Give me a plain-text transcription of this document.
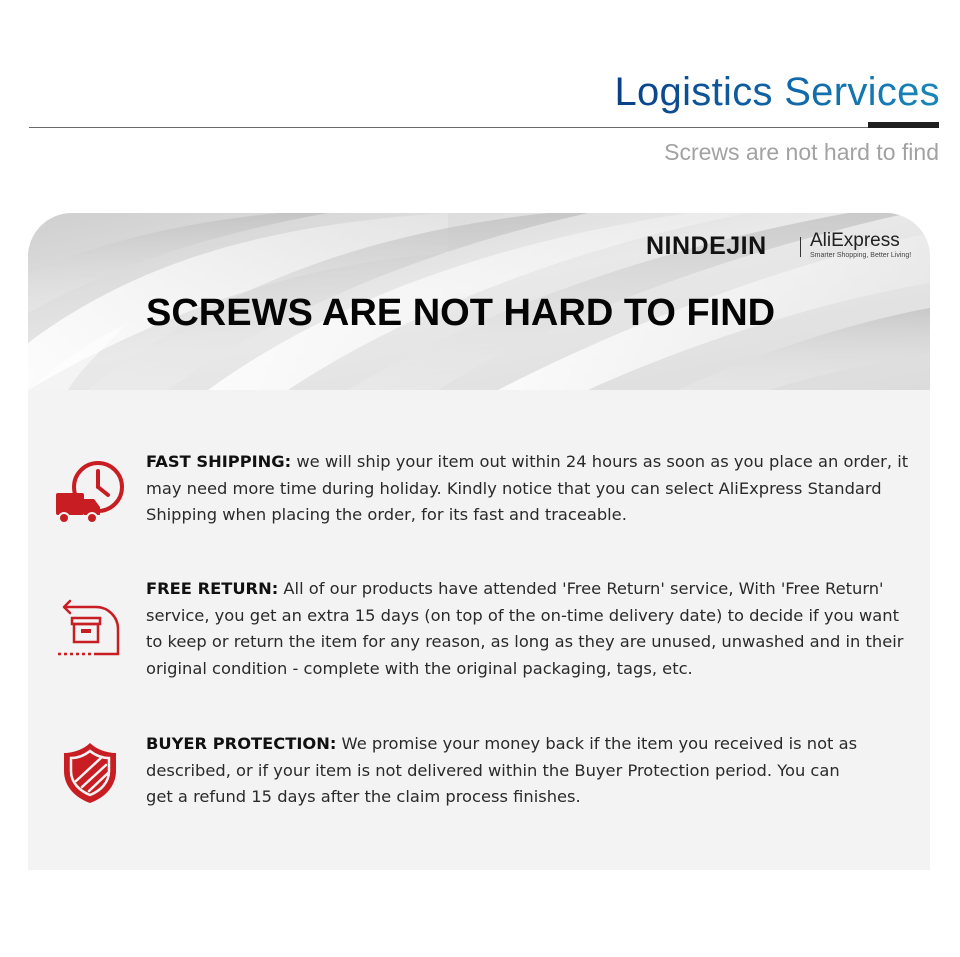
Logistics Services
Screws are not hard to find
NINDEJIN AliExpress
Smarter Shopping, Better Living!
SCREWS ARE NOT HARD TO FIND
FAST SHIPPING: we will ship your item out within 24 hours as soon as you place an order, it may need more time during holiday. Kindly notice that you can select AliExpress Standard Shipping when placing the order, for its fast and traceable.
FREE RETURN: All of our products have attended 'Free Return' service, With 'Free Return' service, you get an extra 15 days (on top of the on-time delivery date) to decide if you want to keep or return the item for any reason, as long as they are unused, unwashed and in their original condition - complete with the original packaging, tags, etc.
BUYER PROTECTION: We promise your money back if the item you received is not as described, or if your item is not delivered within the Buyer Protection period. You can get a refund 15 days after the claim process finishes.
